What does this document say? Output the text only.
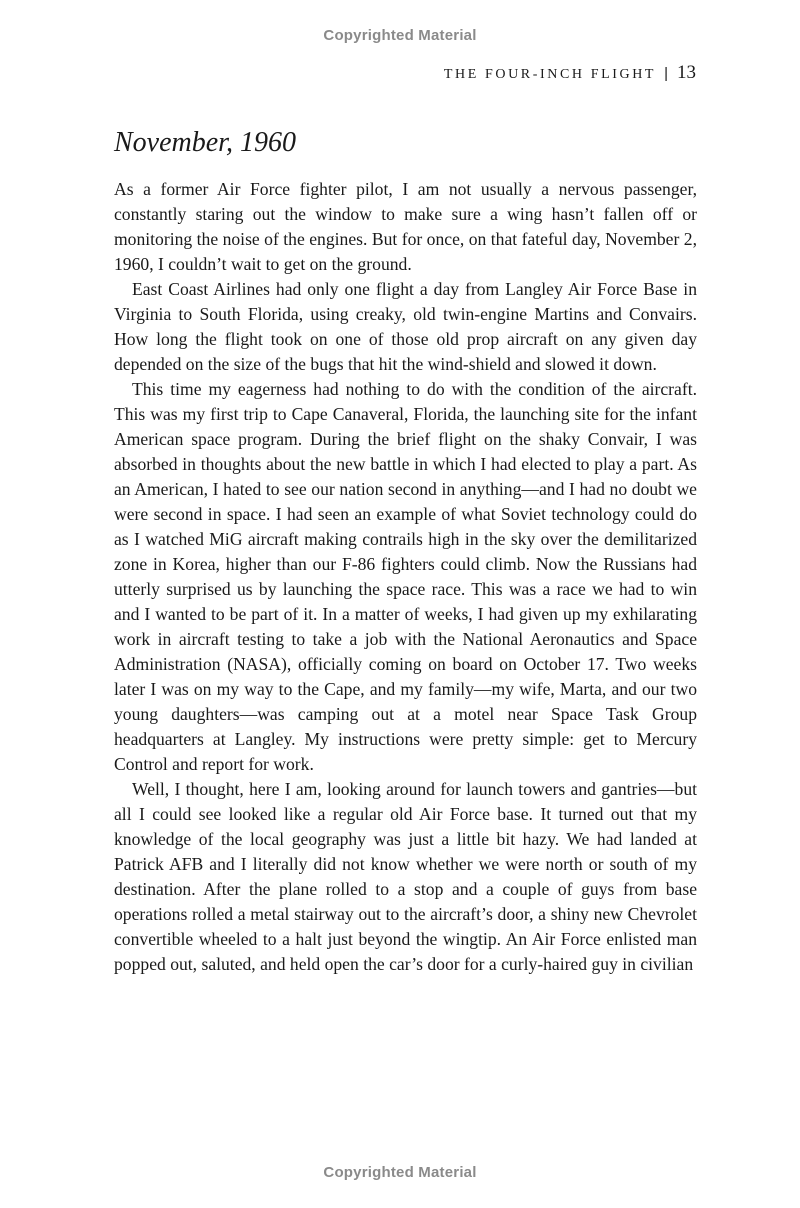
Copyrighted Material
THE FOUR-INCH FLIGHT | 13
November, 1960

As a former Air Force fighter pilot, I am not usually a nervous passenger, constantly staring out the window to make sure a wing hasn’t fallen off or monitoring the noise of the engines. But for once, on that fateful day, November 2, 1960, I couldn’t wait to get on the ground.

East Coast Airlines had only one flight a day from Langley Air Force Base in Virginia to South Florida, using creaky, old twin-engine Martins and Convairs. How long the flight took on one of those old prop aircraft on any given day depended on the size of the bugs that hit the wind-shield and slowed it down.

This time my eagerness had nothing to do with the condition of the aircraft. This was my first trip to Cape Canaveral, Florida, the launching site for the infant American space program. During the brief flight on the shaky Convair, I was absorbed in thoughts about the new battle in which I had elected to play a part. As an American, I hated to see our nation second in anything—and I had no doubt we were second in space. I had seen an example of what Soviet technology could do as I watched MiG aircraft making contrails high in the sky over the demilitarized zone in Korea, higher than our F-86 fighters could climb. Now the Russians had utterly surprised us by launching the space race. This was a race we had to win and I wanted to be part of it. In a matter of weeks, I had given up my exhilarating work in aircraft testing to take a job with the National Aeronautics and Space Administration (NASA), officially coming on board on October 17. Two weeks later I was on my way to the Cape, and my family—my wife, Marta, and our two young daughters—was camping out at a motel near Space Task Group headquarters at Langley. My instructions were pretty simple: get to Mercury Control and report for work.

Well, I thought, here I am, looking around for launch towers and gantries—but all I could see looked like a regular old Air Force base. It turned out that my knowledge of the local geography was just a little bit hazy. We had landed at Patrick AFB and I literally did not know whether we were north or south of my destination. After the plane rolled to a stop and a couple of guys from base operations rolled a metal stairway out to the aircraft’s door, a shiny new Chevrolet convertible wheeled to a halt just beyond the wingtip. An Air Force enlisted man popped out, saluted, and held open the car’s door for a curly-haired guy in civilian

Copyrighted Material
